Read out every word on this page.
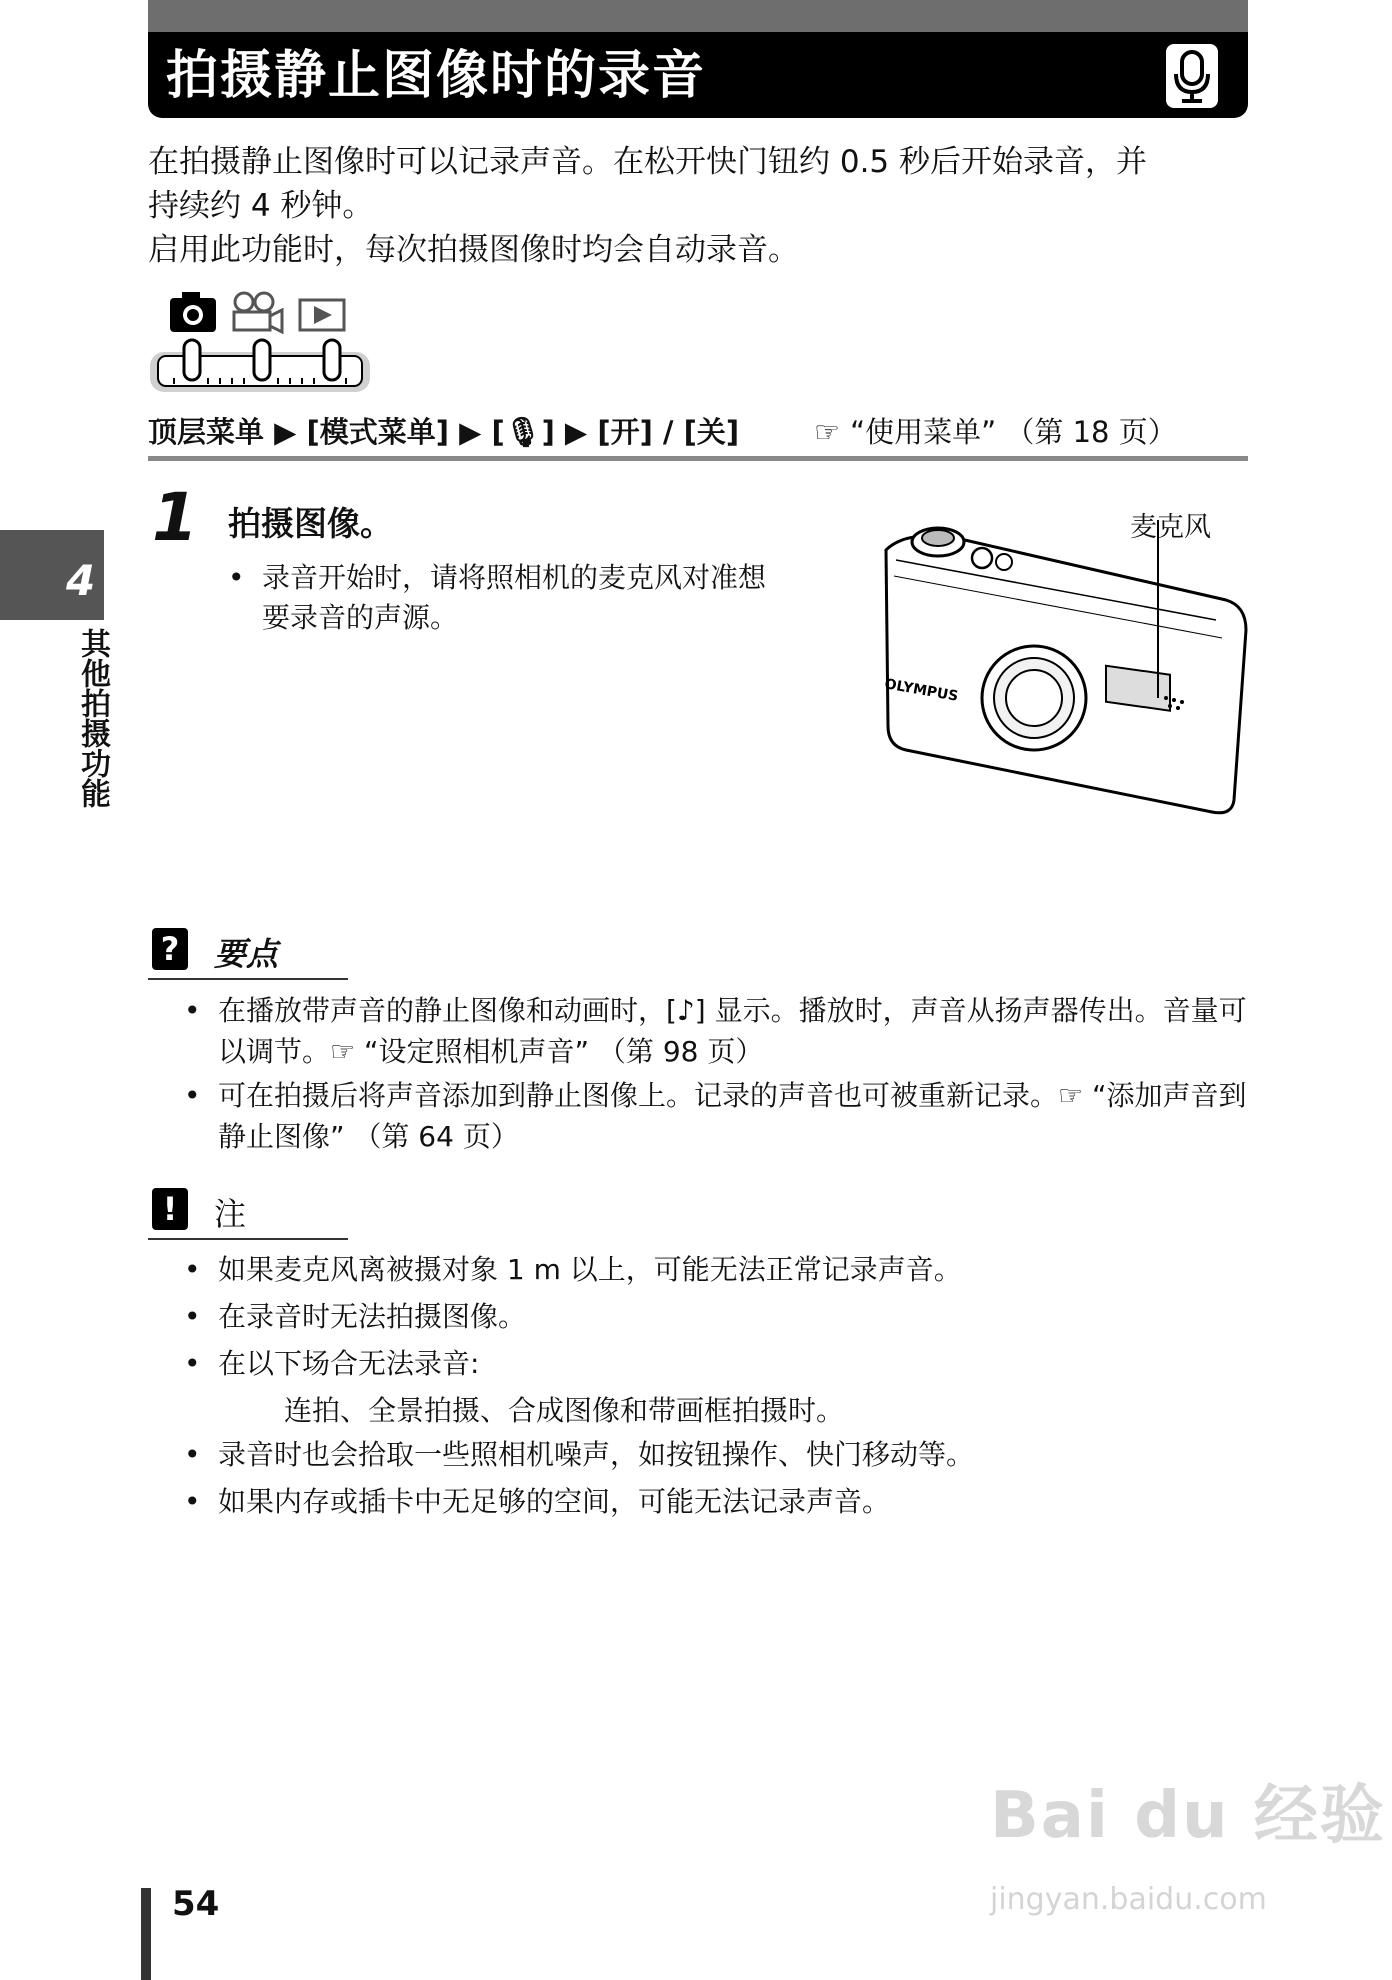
拍摄静止图像时的录音
在拍摄静止图像时可以记录声音。在松开快门钮约 0.5 秒后开始录音，并
持续约 4 秒钟。
启用此功能时，每次拍摄图像时均会自动录音。
顶层菜单 ▶ [模式菜单] ▶ [🎙] ▶ [开] / [关]	☞ “使用菜单” （第 18 页）
1 拍摄图像。
• 录音开始时，请将照相机的麦克风对准想要录音的声源。
OLYMPUS
麦克风
4
其他拍摄功能
? 要点
• 在播放带声音的静止图像和动画时，[♪] 显示。播放时，声音从扬声器传出。音量可以调节。☞ “设定照相机声音” （第 98 页）
• 可在拍摄后将声音添加到静止图像上。记录的声音也可被重新记录。☞ “添加声音到静止图像” （第 64 页）
!	注
• 如果麦克风离被摄对象 1 m 以上，可能无法正常记录声音。
• 在录音时无法拍摄图像。
• 在以下场合无法录音:
连拍、全景拍摄、合成图像和带画框拍摄时。
• 录音时也会拾取一些照相机噪声，如按钮操作、快门移动等。
• 如果内存或插卡中无足够的空间，可能无法记录声音。
54
Bai du 经验
jingyan.baidu.com
